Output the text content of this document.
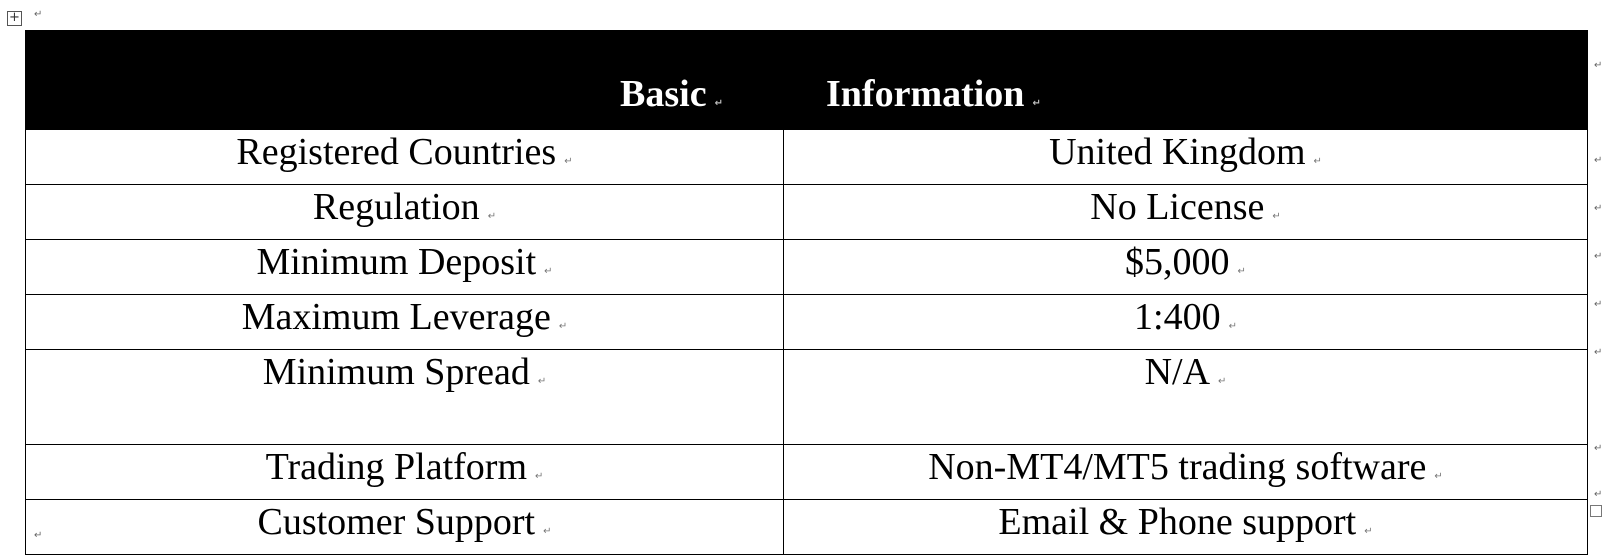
+ ↵
Basic ↵	Information ↵
Registered Countries ↵	United Kingdom ↵
Regulation ↵	No License ↵
Minimum Deposit ↵	$5,000 ↵
Maximum Leverage ↵	1:400 ↵
Minimum Spread ↵	N/A ↵
Trading Platform ↵	Non-MT4/MT5 trading software ↵
Customer Support ↵	Email & Phone support ↵
↵
↵
↵
↵
↵
↵
↵
↵
↵
